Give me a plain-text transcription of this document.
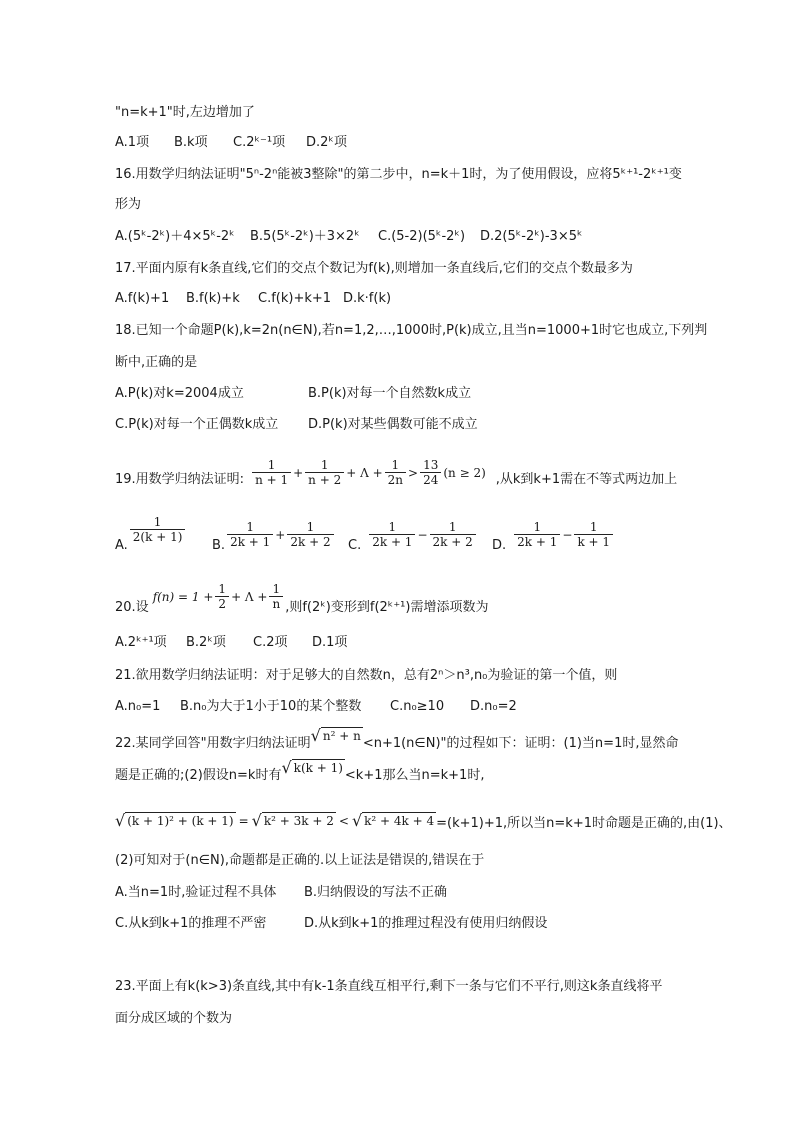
"n=k+1"时,左边增加了
A.1项 B.k项 C.2ᵏ⁻¹项 D.2ᵏ项
16.用数学归纳法证明"5ⁿ-2ⁿ能被3整除"的第二步中，n=k＋1时，为了使用假设，应将5ᵏ⁺¹-2ᵏ⁺¹变
形为
A.(5ᵏ-2ᵏ)＋4×5ᵏ-2ᵏ B.5(5ᵏ-2ᵏ)＋3×2ᵏ C.(5-2)(5ᵏ-2ᵏ) D.2(5ᵏ-2ᵏ)-3×5ᵏ
17.平面内原有k条直线,它们的交点个数记为f(k),则增加一条直线后,它们的交点个数最多为
A.f(k)+1 B.f(k)+k C.f(k)+k+1 D.k·f(k)
18.已知一个命题P(k),k=2n(n∈N),若n=1,2,…,1000时,P(k)成立,且当n=1000+1时它也成立,下列判
断中,正确的是
A.P(k)对k=2004成立	B.P(k)对每一个自然数k成立
C.P(k)对每一个正偶数k成立 D.P(k)对某些偶数可能不成立
19.用数学归纳法证明: $\frac{1}{n + 1} + \frac{1}{n + 2} + \Lambda + \frac{1}{2n} > \frac{13}{24} (n \ge 2)$ ,从k到k+1需在不等式两边加上
A.
$\frac{1}{2(k + 1)}$
B. $\frac{1}{2k + 1} + \frac{1}{2k + 2} C$. $\frac{1}{2k + 1} - \frac{1}{2k + 2} D$. $\frac{1}{2k + 1} - \frac{1}{k + 1}$
20.设
$f(n) = 1 + \frac{1}{2} + \Lambda + \frac{1}{n}$ ,则f(2ᵏ)变形到f(2ᵏ⁺¹)需增添项数为
A.2ᵏ⁺¹项 B.2ᵏ项 C.2项 D.1项
21.欲用数学归纳法证明：对于足够大的自然数n，总有2ⁿ＞n³,n₀为验证的第一个值，则
A.n₀=1 B.n₀为大于1小于10的某个整数 C.n₀≥10 D.n₀=2
22.某同学回答"用数字归纳法证明 √ n² + n <n+1(n∈N)"的过程如下：证明：(1)当n=1时,显然命
题是正确的;(2)假设n=k时有 √ k(k + 1) <k+1那么当n=k+1时,
√ (k + 1)² + (k + 1) = √ k² + 3k + 2 < √ k² + 4k + 4 =(k+1)+1,所以当n=k+1时命题是正确的,由(1)、
(2)可知对于(n∈N),命题都是正确的.以上证法是错误的,错误在于
A.当n=1时,验证过程不具体 B.归纳假设的写法不正确
C.从k到k+1的推理不严密	D.从k到k+1的推理过程没有使用归纳假设
23.平面上有k(k>3)条直线,其中有k-1条直线互相平行,剩下一条与它们不平行,则这k条直线将平
面分成区域的个数为
